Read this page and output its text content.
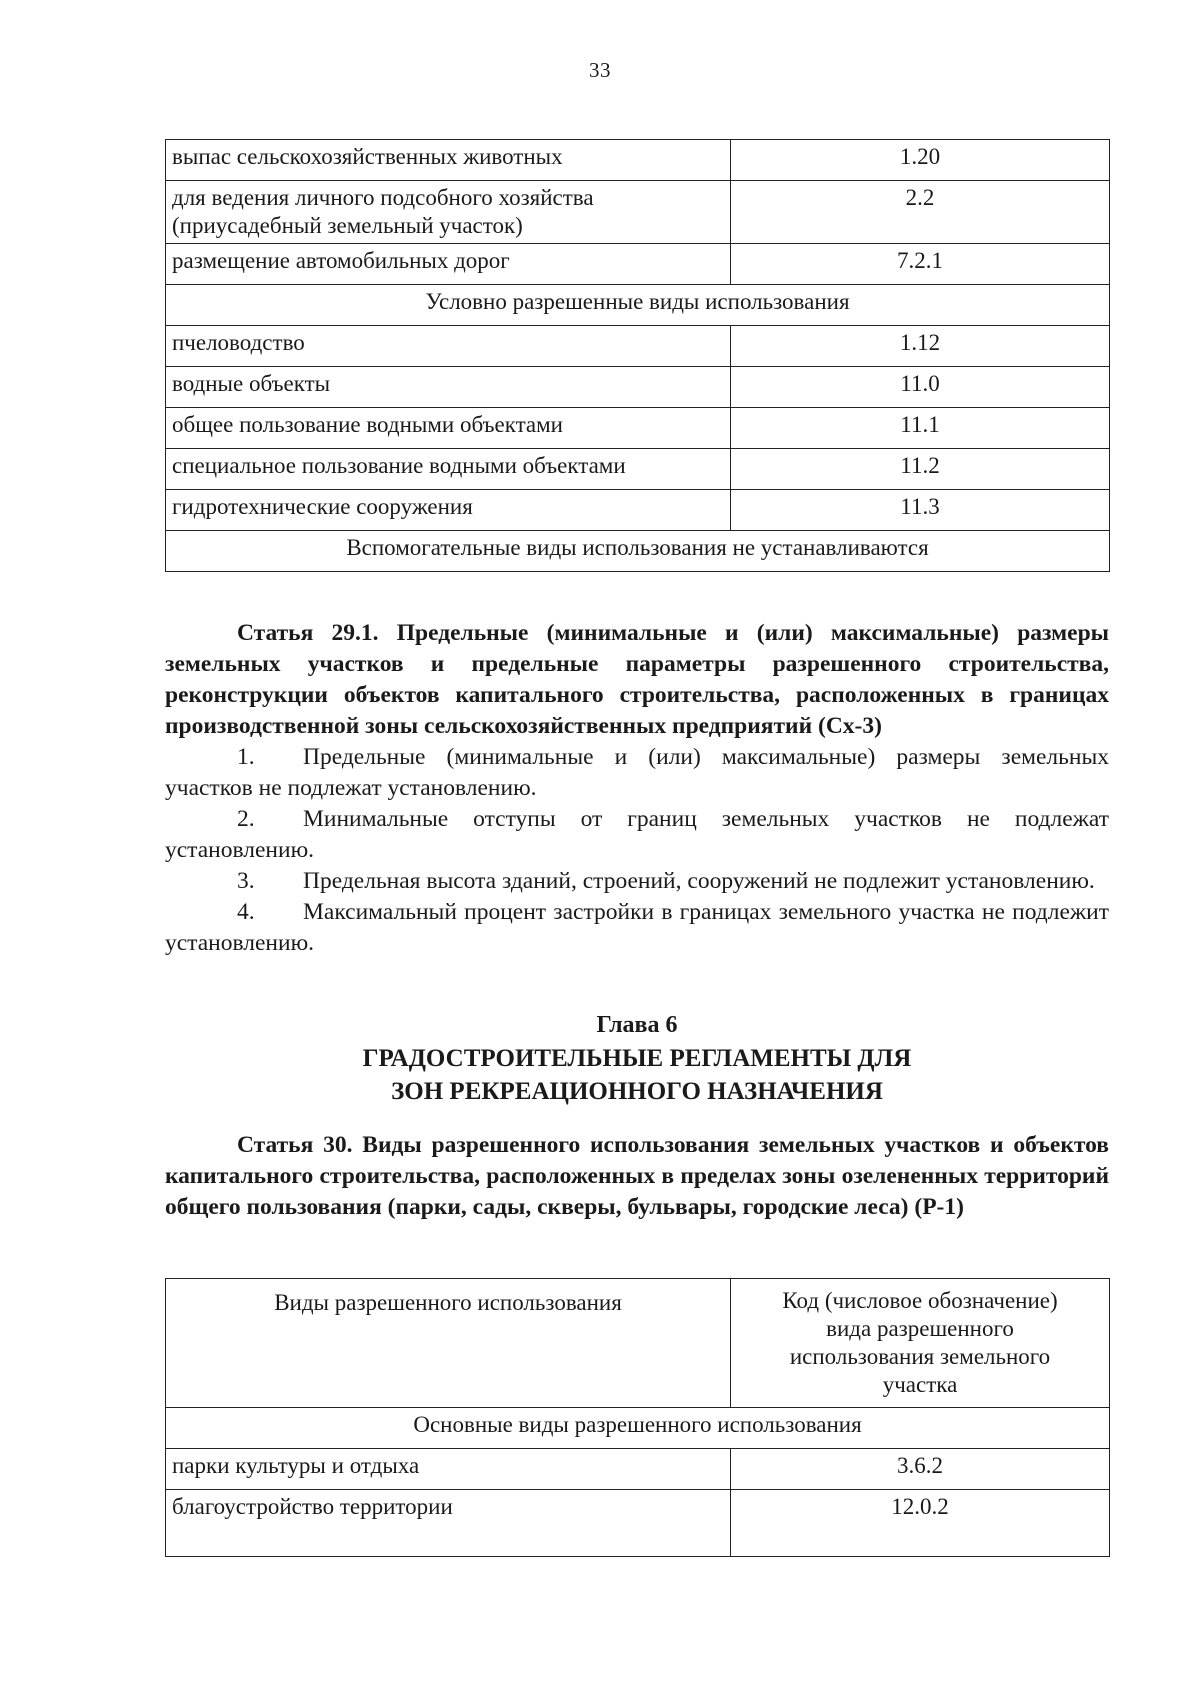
33
выпас сельскохозяйственных животных	1.20
для ведения личного подсобного хозяйства (приусадебный земельный участок)	2.2
размещение автомобильных дорог	7.2.1
Условно разрешенные виды использования	
пчеловодство	1.12
водные объекты	11.0
общее пользование водными объектами	11.1
специальное пользование водными объектами	11.2
гидротехнические сооружения	11.3
Вспомогательные виды использования не устанавливаются	

Статья 29.1. Предельные (минимальные и (или) максимальные) размеры земельных участков и предельные параметры разрешенного строительства, реконструкции объектов капитального строительства, расположенных в границах производственной зоны сельскохозяйственных предприятий (Сх-3)

1. Предельные (минимальные и (или) максимальные) размеры земельных участков не подлежат установлению.

2. Минимальные отступы от границ земельных участков не подлежат установлению.

3. Предельная высота зданий, строений, сооружений не подлежит установлению.

4. Максимальный процент застройки в границах земельного участка не подлежит установлению.

Глава 6
ГРАДОСТРОИТЕЛЬНЫЕ РЕГЛАМЕНТЫ ДЛЯ
ЗОН РЕКРЕАЦИОННОГО НАЗНАЧЕНИЯ

Статья 30. Виды разрешенного использования земельных участков и объектов капитального строительства, расположенных в пределах зоны озелененных территорий общего пользования (парки, сады, скверы, бульвары, городские леса) (Р-1)

Виды разрешенного использования	Код (числовое обозначение) вида разрешенного использования земельного участка
Основные виды разрешенного использования	
парки культуры и отдыха	3.6.2
благоустройство территории	12.0.2
